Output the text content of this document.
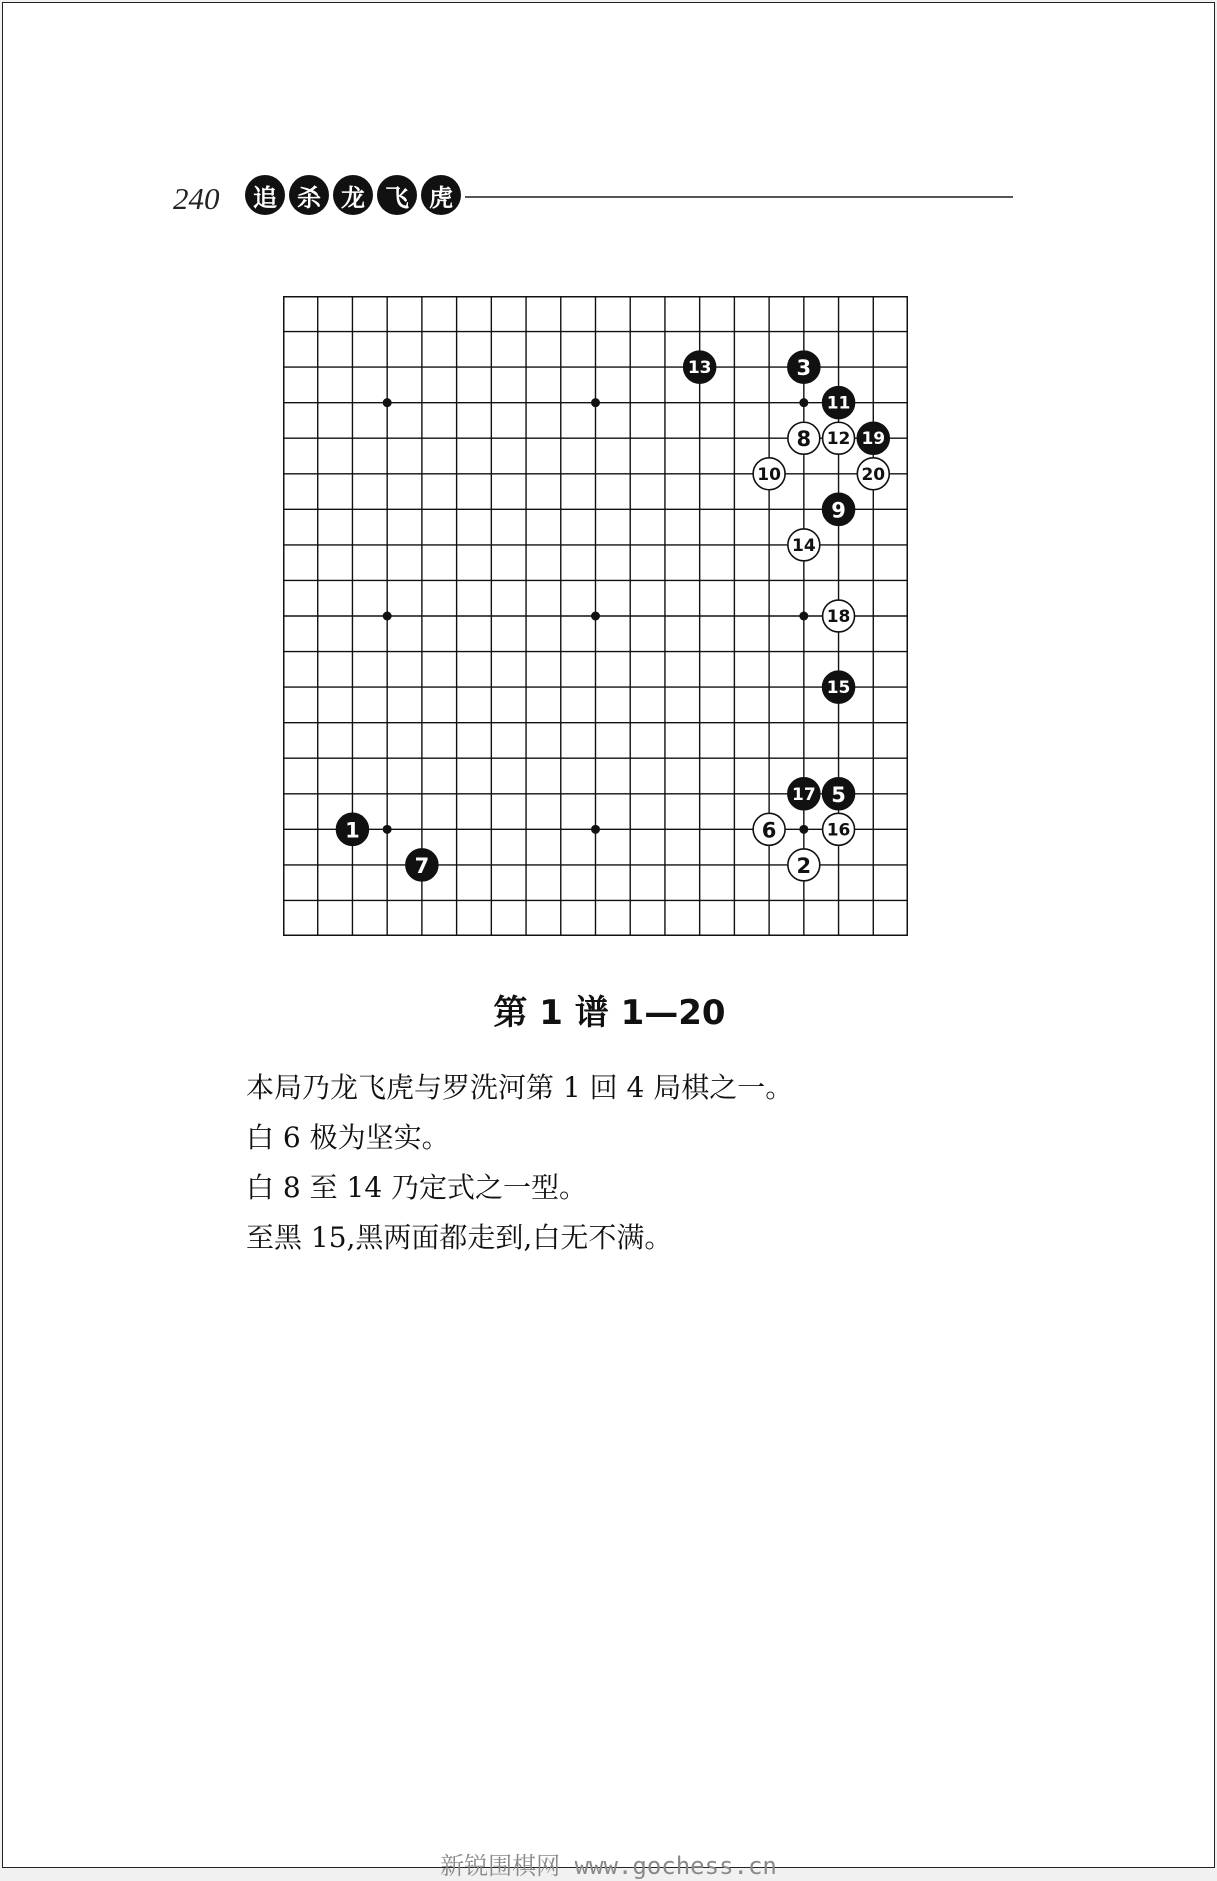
240	追 杀 龙 飞 虎
1
2
3
5
6
7
8
9
10
11
12
13
14
15
16
17
18
19
20
第 1 谱 1—20
本局乃龙飞虎与罗洗河第 1 回 4 局棋之一。
白 6 极为坚实。
白 8 至 14 乃定式之一型。
至黑 15,黑两面都走到,白无不满。
新锐围棋网 www.gochess.cn
